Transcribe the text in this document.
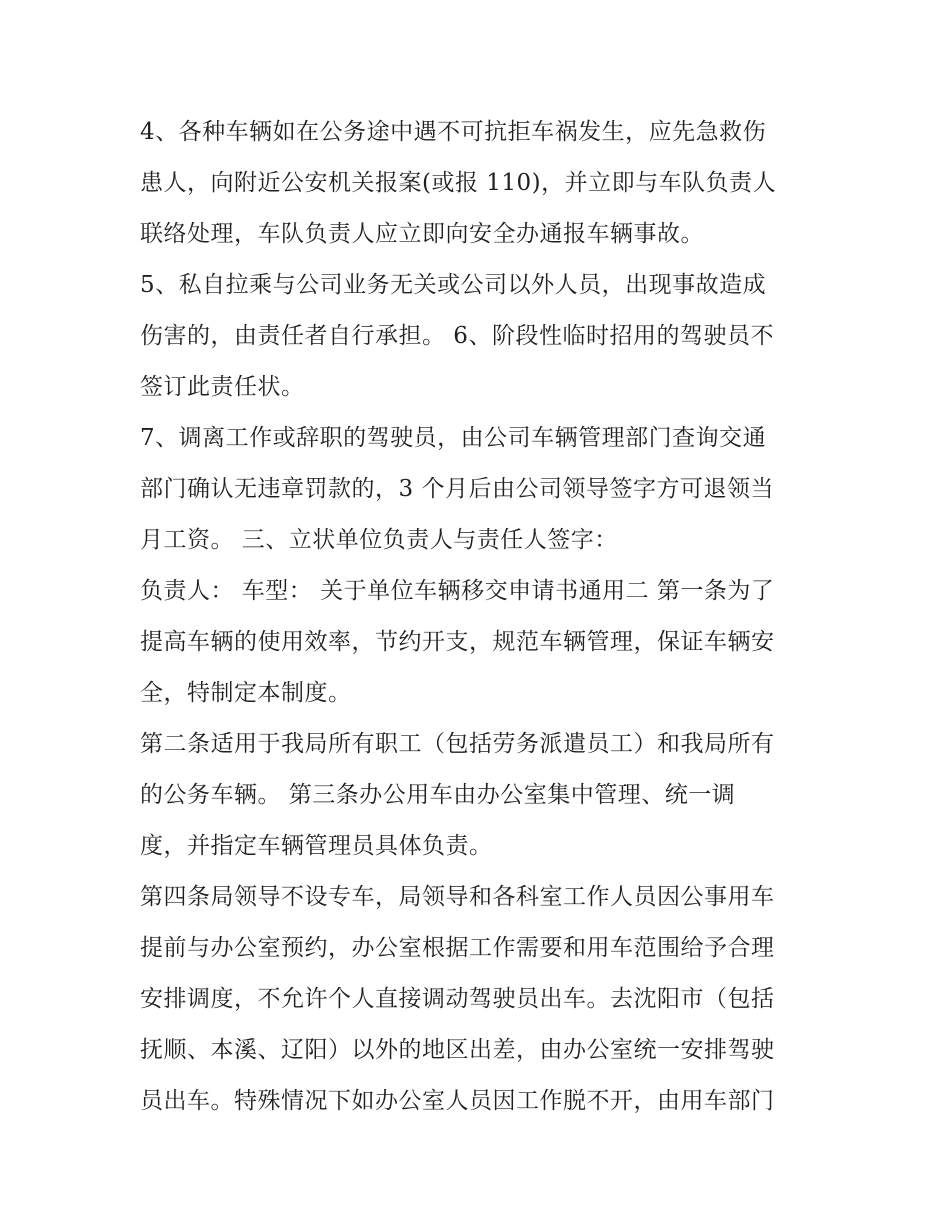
4、各种车辆如在公务途中遇不可抗拒车祸发生，应先急救伤
患人，向附近公安机关报案(或报 110)，并立即与车队负责人
联络处理，车队负责人应立即向安全办通报车辆事故。
5、私自拉乘与公司业务无关或公司以外人员，出现事故造成
伤害的，由责任者自行承担。 6、阶段性临时招用的驾驶员不
签订此责任状。
7、调离工作或辞职的驾驶员，由公司车辆管理部门查询交通
部门确认无违章罚款的，3 个月后由公司领导签字方可退领当
月工资。 三、立状单位负责人与责任人签字：
负责人： 车型： 关于单位车辆移交申请书通用二 第一条为了
提高车辆的使用效率，节约开支，规范车辆管理，保证车辆安
全，特制定本制度。
第二条适用于我局所有职工（包括劳务派遣员工）和我局所有
的公务车辆。 第三条办公用车由办公室集中管理、统一调
度，并指定车辆管理员具体负责。
第四条局领导不设专车，局领导和各科室工作人员因公事用车
提前与办公室预约，办公室根据工作需要和用车范围给予合理
安排调度，不允许个人直接调动驾驶员出车。去沈阳市（包括
抚顺、本溪、辽阳）以外的地区出差，由办公室统一安排驾驶
员出车。特殊情况下如办公室人员因工作脱不开，由用车部门
